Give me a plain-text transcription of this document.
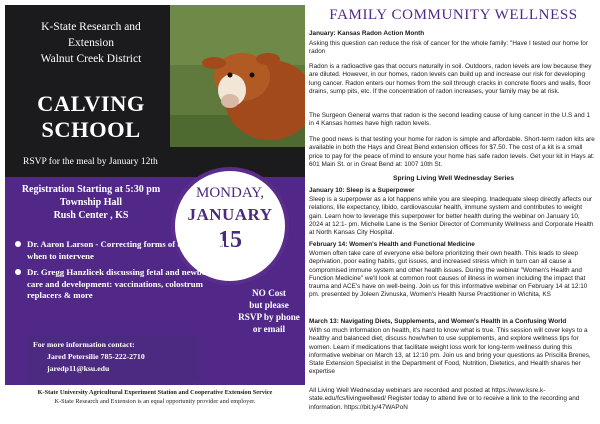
K-State Research and
Extension
Walnut Creek District
CALVING
SCHOOL
RSVP for the meal by January 12th
MONDAY,
JANUARY
15
Registration Starting at 5:30 pm
Township Hall
Rush Center , KS
Dr. Aaron Larson - Correcting forms of dystocia and when to intervene
Dr. Gregg Hanzlicek discussing fetal and newborn care and development: vaccinations, colostrum replacers & more	NO Cost
but please
RSVP by phone
or email
For more information contact:
Jared Petersilie 785-222-2710
jaredp11@ksu.edu
K-State University Agricultural Experiment Station and Cooperative Extension Service
K-State Research and Extension is an equal opportunity provider and employer.
FAMILY COMMUNITY WELLNESS
January: Kansas Radon Action Month
Asking this question can reduce the risk of cancer for the whole family: "Have I tested our home for radon
Radon is a radioactive gas that occurs naturally in soil. Outdoors, radon levels are low because they are diluted. However, in our homes, radon levels can build up and increase our risk for developing lung cancer. Radon enters our homes from the soil through cracks in concrete floors and walls, floor drains, sump pits, etc. If the concentration of radon increases, your family may be at risk.
The Surgeon General warns that radon is the second leading cause of lung cancer in the U.S and 1 in 4 Kansas homes have high radon levels.
The good news is that testing your home for radon is simple and affordable. Short-term radon kits are available in both the Hays and Great Bend extension offices for $7.50. The cost of a kit is a small price to pay for the peace of mind to ensure your home has safe radon levels. Get your kit in Hays at: 601 Main St. or in Great Bend at: 1007 10th St.
Spring Living Well Wednesday Series
January 10: Sleep is a Superpower
Sleep is a superpower as a lot happens while you are sleeping. Inadequate sleep directly affects our relations, life expectancy, libido, cardiovascular health, immune system and contributes to weight gain. Learn how to leverage this superpower for better health during the webinar on January 10, 2024 at 12:1- pm. Michelle Lane is the Senior Director of Community Wellness and Corporate Health at North Kansas City Hospital.
February 14: Women's Health and Functional Medicine
Women often take care of everyone else before prioritizing their own health. This leads to sleep deprivation, poor eating habits, gut issues, and increased stress which in turn can all cause a compromised immune system and other health issues. During the webinar "Women's Health and Function Medicine" we'll look at common root causes of illness in women including the impact that trauma and ACE's have on well-being. Join us for this informative webinar on February 14 at 12:10 pm. presented by Joleen Zivnuska, Women's Health Nurse Practitioner in Wichita, KS
March 13: Navigating Diets, Supplements, and Women's Health in a Confusing World
With so much information on health, it's hard to know what is true. This session will cover keys to a healthy and balanced diet, discuss how/when to use supplements, and explore wellness tips for women. Learn if medications that facilitate weight loss work for long-term wellness during this informative webinar on March 13, at 12:10 pm. Join us and bring your questions as Priscilla Brenes, State Extension Specialist in the Department of Food, Nutrition, Dietetics, and Health shares her expertise
All Living Well Wednesday webinars are recorded and posted at https://www.ksre.k-state.edu/fcs/livingwellwed/ Register today to attend live or to receive a link to the recording and information. https://bit.ly/47WAPoN
